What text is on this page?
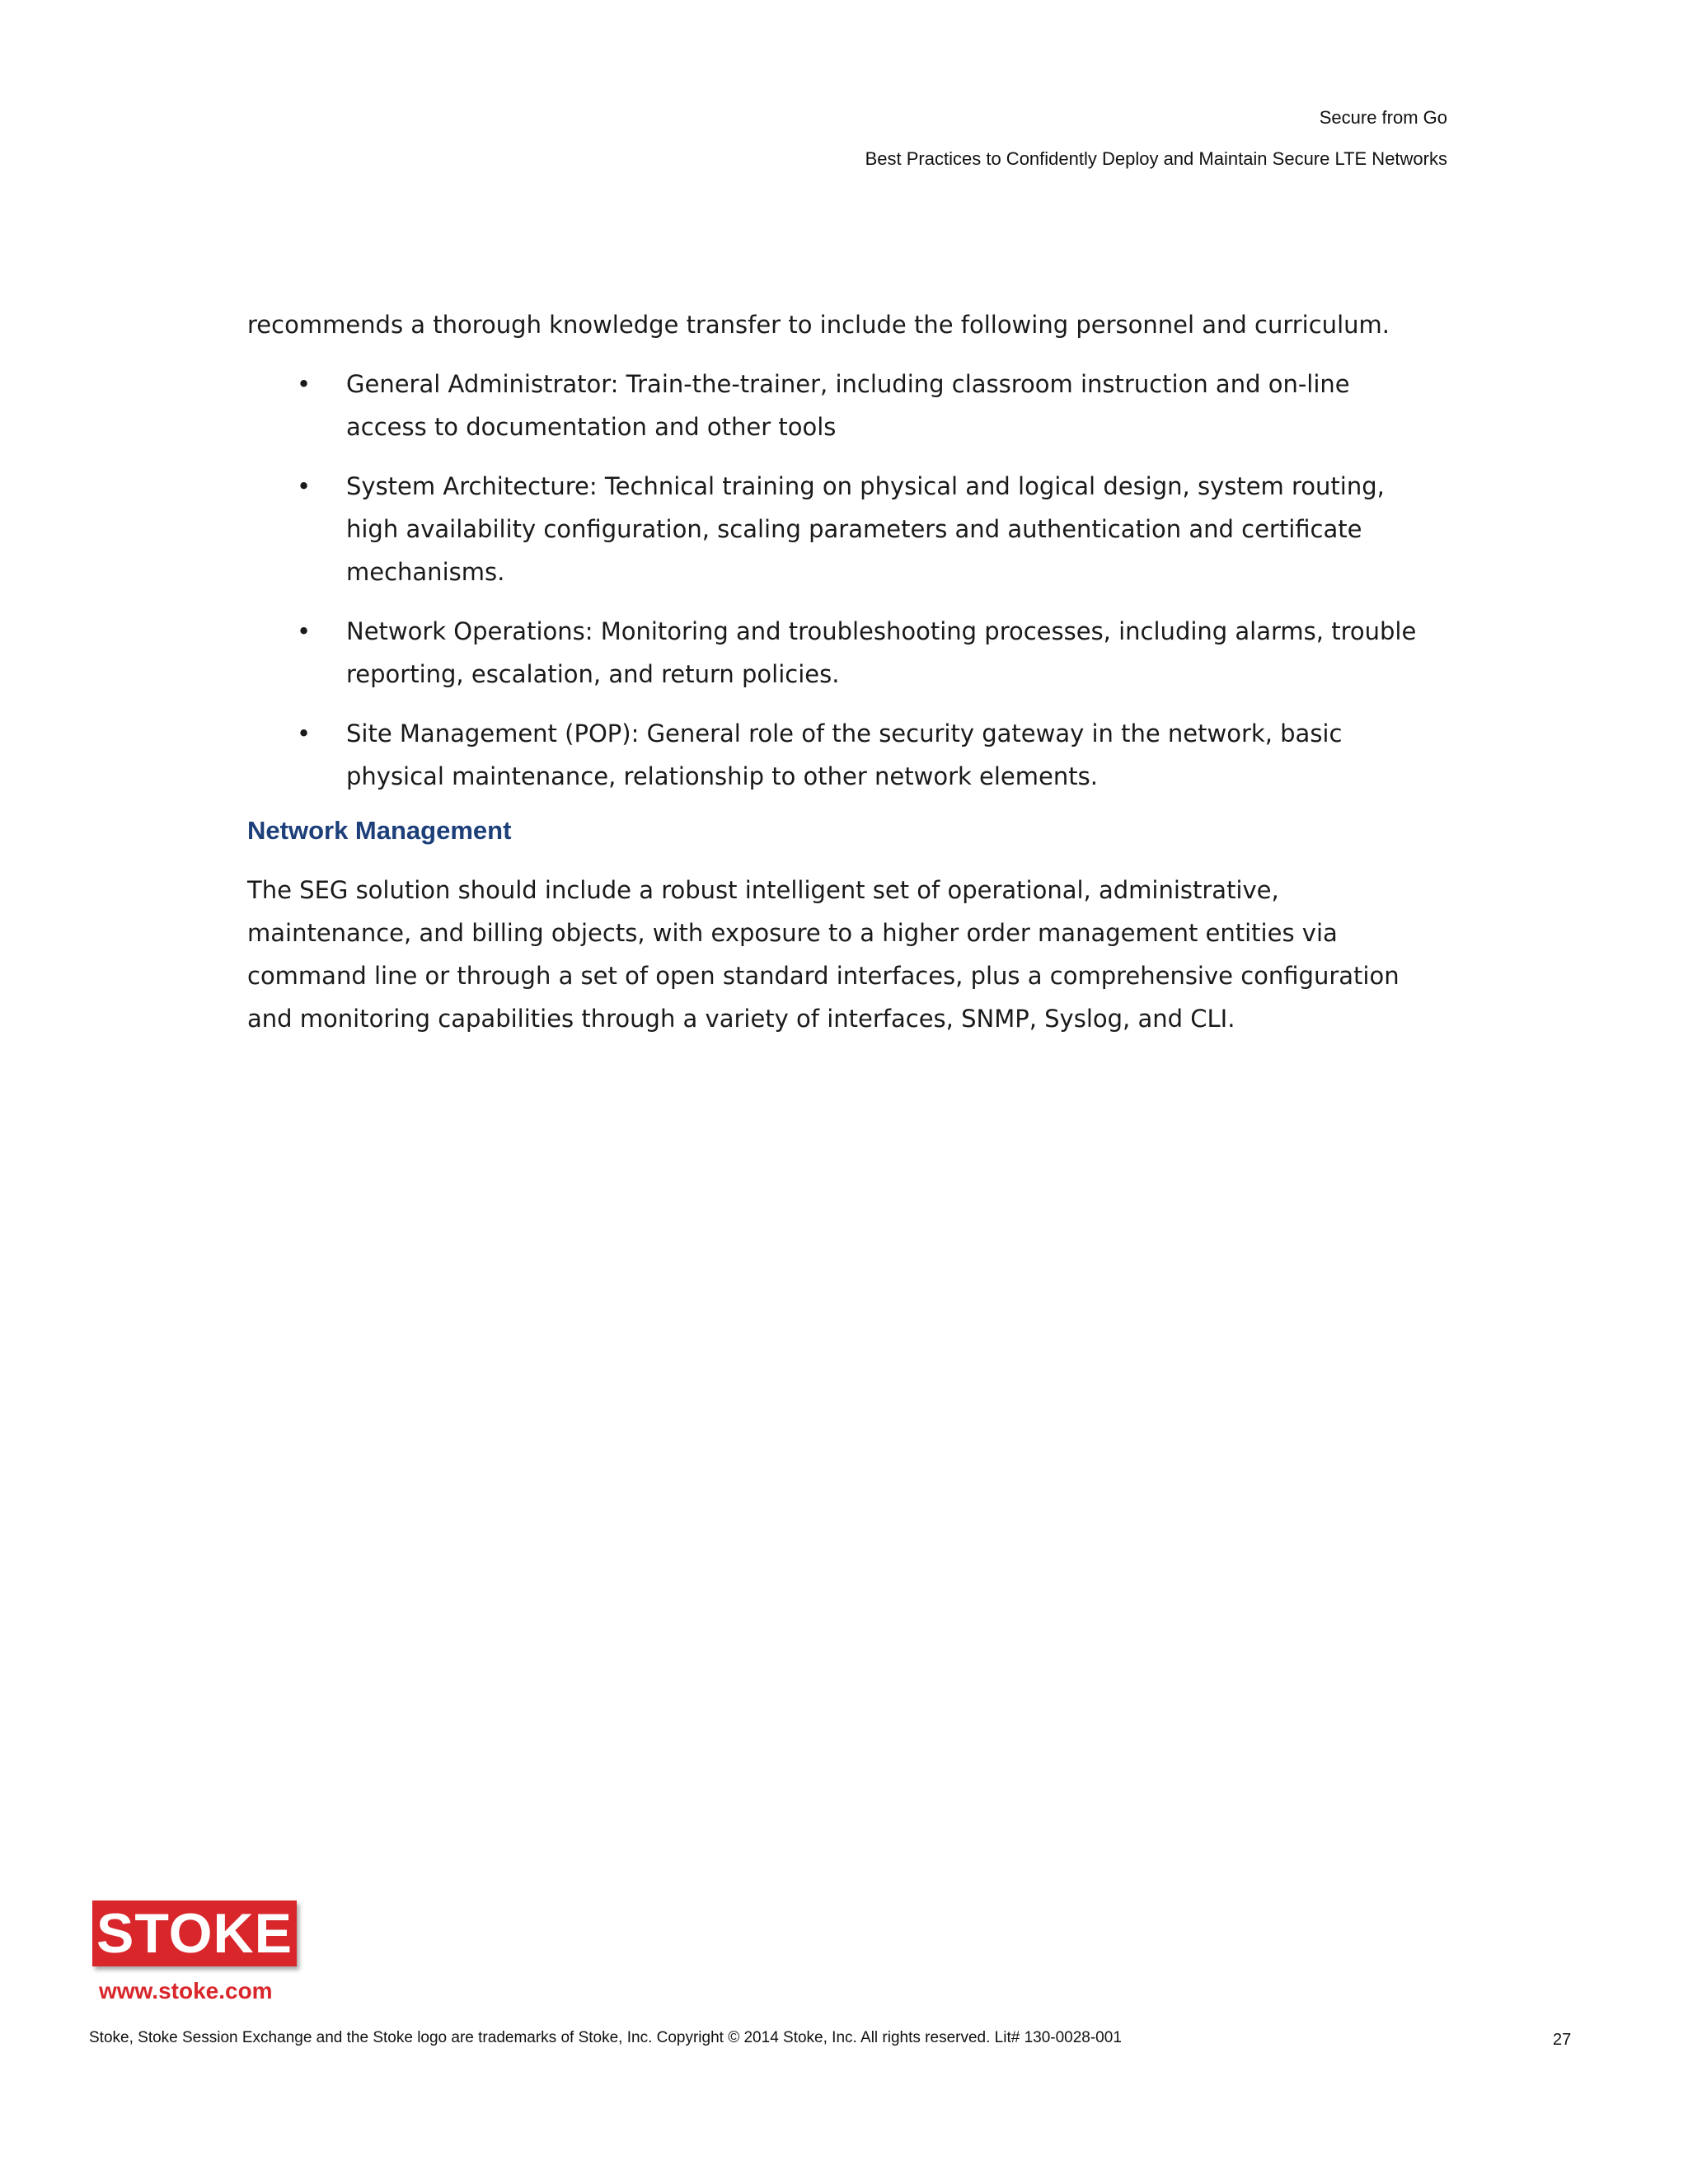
Secure from Go
Best Practices to Confidently Deploy and Maintain Secure LTE Networks

recommends a thorough knowledge transfer to include the following personnel and curriculum.

• General Administrator: Train-the-trainer, including classroom instruction and on-line access to documentation and other tools
• System Architecture: Technical training on physical and logical design, system routing, high availability configuration, scaling parameters and authentication and certificate mechanisms.
• Network Operations: Monitoring and troubleshooting processes, including alarms, trouble reporting, escalation, and return policies.
• Site Management (POP): General role of the security gateway in the network, basic physical maintenance, relationship to other network elements.
Network Management

The SEG solution should include a robust intelligent set of operational, administrative, maintenance, and billing objects, with exposure to a higher order management entities via command line or through a set of open standard interfaces, plus a comprehensive configuration and monitoring capabilities through a variety of interfaces, SNMP, Syslog, and CLI.

STOKE
www.stoke.com
Stoke, Stoke Session Exchange and the Stoke logo are trademarks of Stoke, Inc. Copyright © 2014 Stoke, Inc. All rights reserved. Lit# 130-0028-001	27
